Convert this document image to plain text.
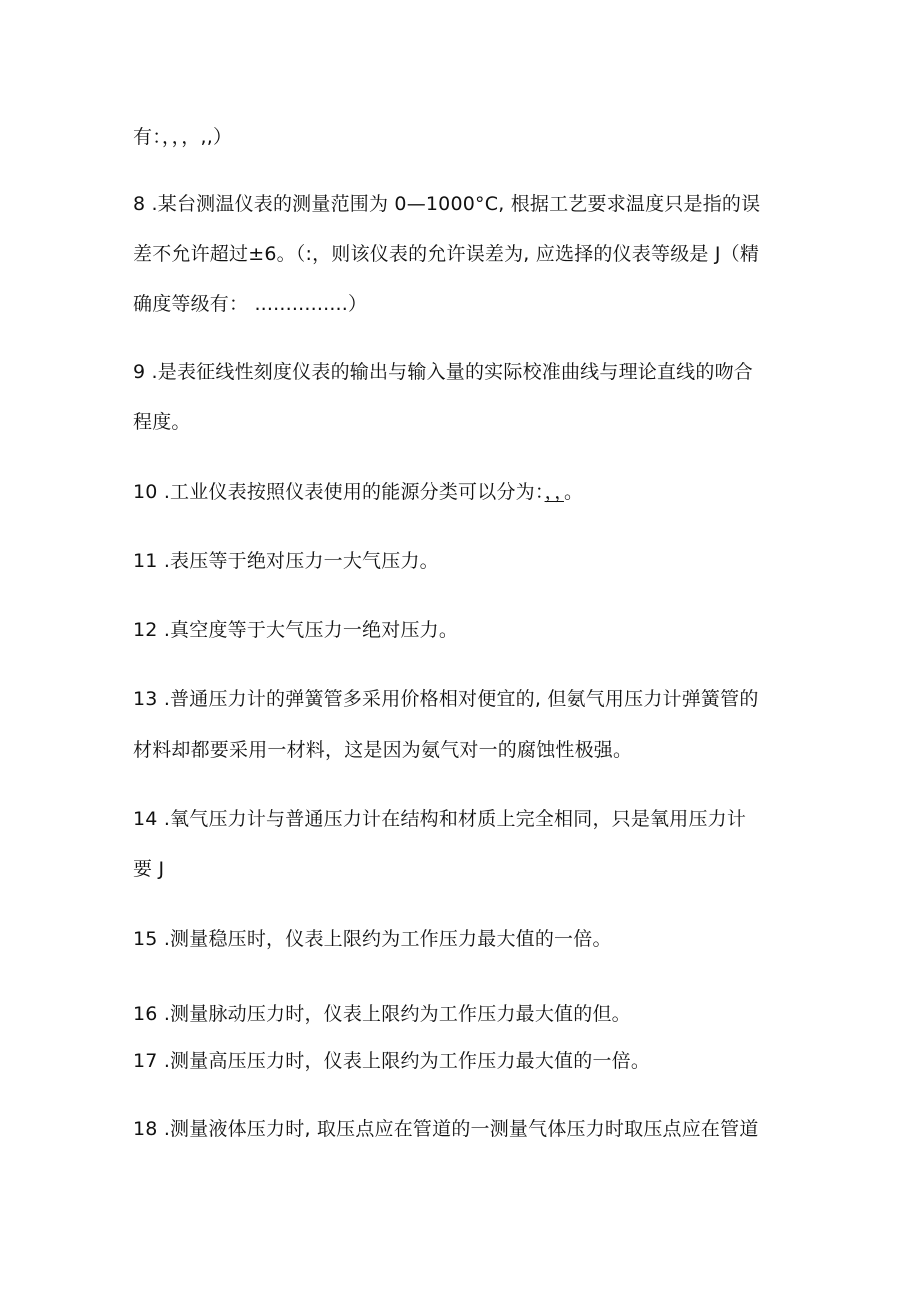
有：，，，,,）
8 .某台测温仪表的测量范围为 0—1000°C, 根据工艺要求温度只是指的误
差不允许超过±6。（:，则该仪表的允许误差为, 应选择的仪表等级是 J（精
确度等级有： ...............）
9 .是表征线性刻度仪表的输出与输入量的实际校准曲线与理论直线的吻合
程度。
10 .工业仪表按照仪表使用的能源分类可以分为：，，。
11 .表压等于绝对压力一大气压力。
12 .真空度等于大气压力一绝对压力。
13 .普通压力计的弹簧管多采用价格相对便宜的, 但氨气用压力计弹簧管的
材料却都要采用一材料，这是因为氨气对一的腐蚀性极强。
14 .氧气压力计与普通压力计在结构和材质上完全相同，只是氧用压力计
要 J
15 .测量稳压时，仪表上限约为工作压力最大值的一倍。
16 .测量脉动压力时，仪表上限约为工作压力最大值的但。
17 .测量高压压力时，仪表上限约为工作压力最大值的一倍。
18 .测量液体压力时, 取压点应在管道的一测量气体压力时取压点应在管道
